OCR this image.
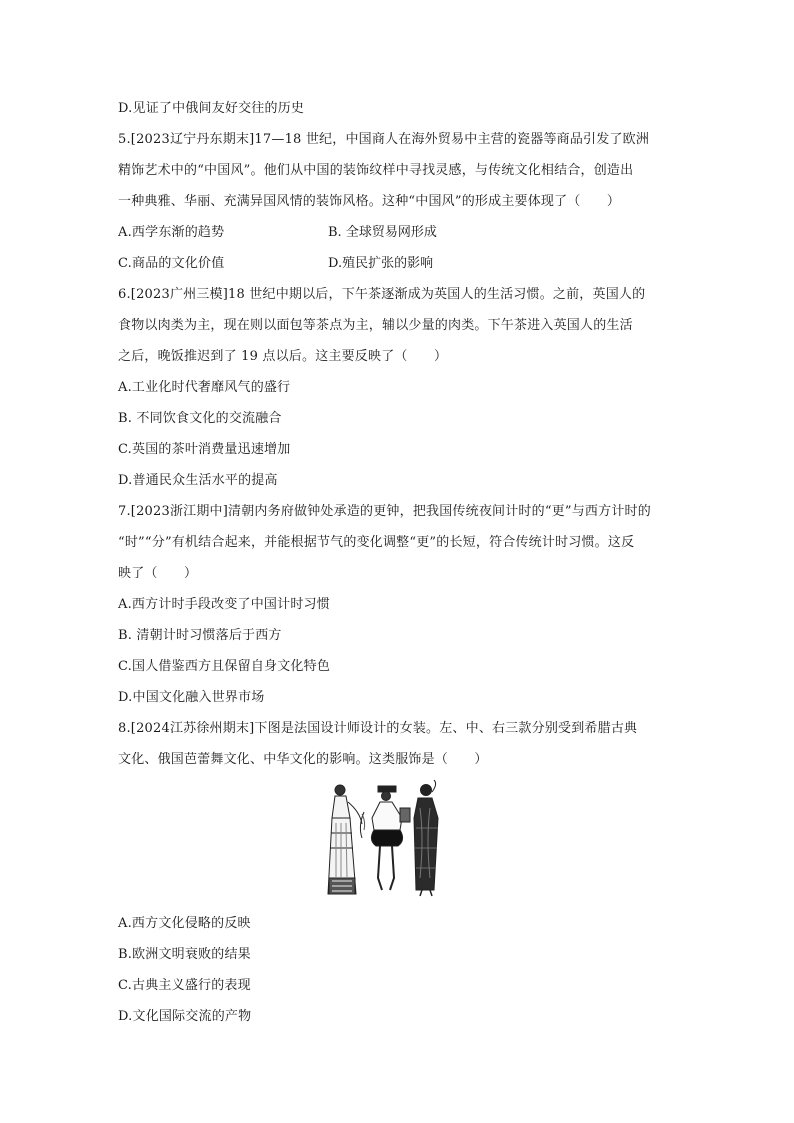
D.见证了中俄间友好交往的历史
5.[2023辽宁丹东期末]17—18 世纪，中国商人在海外贸易中主营的瓷器等商品引发了欧洲
精饰艺术中的“中国风”。他们从中国的装饰纹样中寻找灵感，与传统文化相结合，创造出
一种典雅、华丽、充满异国风情的装饰风格。这种“中国风”的形成主要体现了（　　）
A.西学东渐的趋势	B. 全球贸易网形成
C.商品的文化价值	D.殖民扩张的影响
6.[2023广州三模]18 世纪中期以后，下午茶逐渐成为英国人的生活习惯。之前，英国人的
食物以肉类为主，现在则以面包等茶点为主，辅以少量的肉类。下午茶进入英国人的生活
之后，晚饭推迟到了 19 点以后。这主要反映了（　　）
A.工业化时代奢靡风气的盛行
B. 不同饮食文化的交流融合
C.英国的茶叶消费量迅速增加
D.普通民众生活水平的提高
7.[2023浙江期中]清朝内务府做钟处承造的更钟，把我国传统夜间计时的“更”与西方计时的
“时”“分”有机结合起来，并能根据节气的变化调整“更”的长短，符合传统计时习惯。这反
映了（　　）
A.西方计时手段改变了中国计时习惯
B. 清朝计时习惯落后于西方
C.国人借鉴西方且保留自身文化特色
D.中国文化融入世界市场
8.[2024江苏徐州期末]下图是法国设计师设计的女装。左、中、右三款分别受到希腊古典
文化、俄国芭蕾舞文化、中华文化的影响。这类服饰是（　　）
A.西方文化侵略的反映
B.欧洲文明衰败的结果
C.古典主义盛行的表现
D.文化国际交流的产物
